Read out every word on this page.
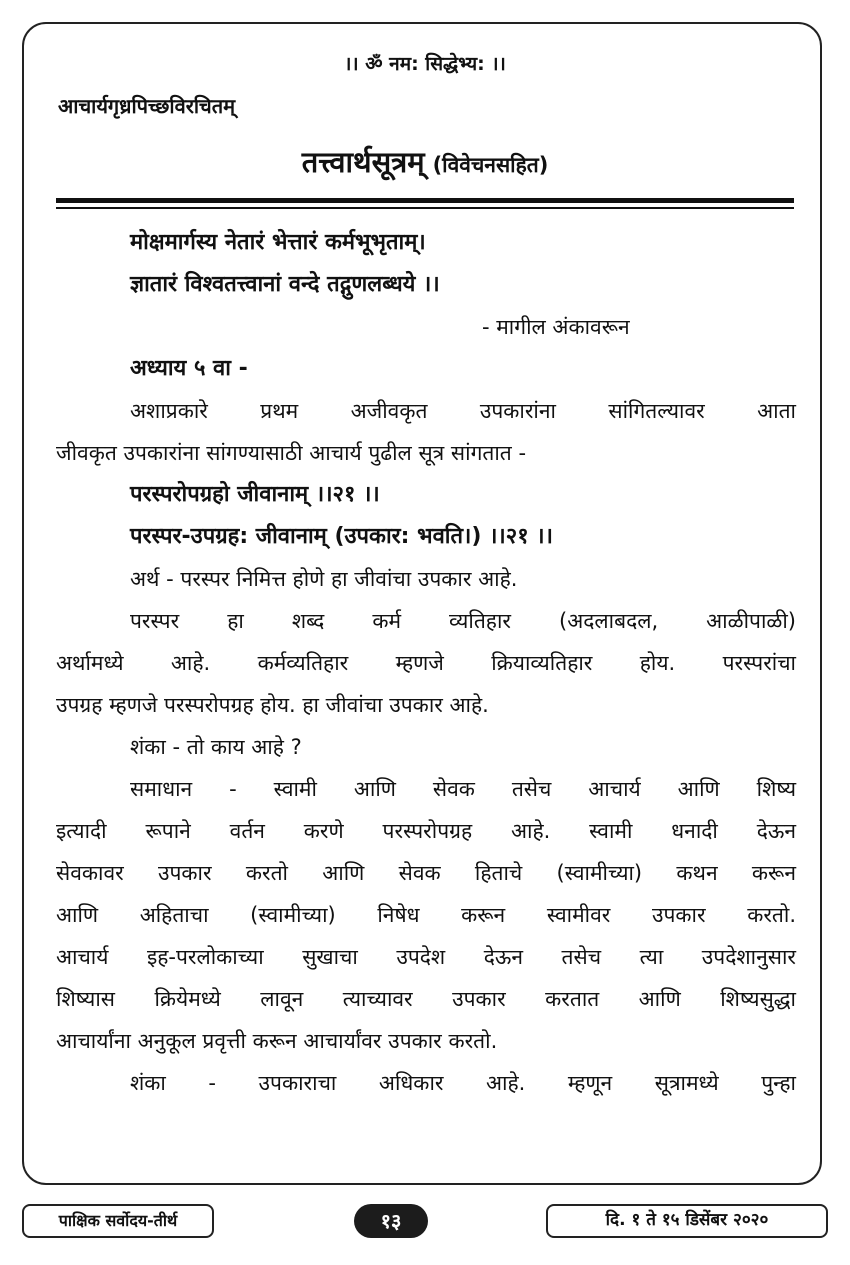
।। ॐ नम: सिद्धेभ्य: ।।
आचार्यगृध्रपिच्छविरचितम्
तत्त्वार्थसूत्रम् (विवेचनसहित)
मोक्षमार्गस्य नेतारं भेत्तारं कर्मभूभृताम्।
ज्ञातारं विश्वतत्त्वानां वन्दे तद्गुणलब्धये ।।
- मागील अंकावरून
अध्याय ५ वा -
अशाप्रकारे प्रथम अजीवकृत उपकारांना सांगितल्यावर आता
जीवकृत उपकारांना सांगण्यासाठी आचार्य पुढील सूत्र सांगतात -
परस्परोपग्रहो जीवानाम् ।।२१ ।।
परस्पर-उपग्रह: जीवानाम् (उपकार: भवति।) ।।२१ ।।
अर्थ - परस्पर निमित्त होणे हा जीवांचा उपकार आहे.
परस्पर हा शब्द कर्म व्यतिहार (अदलाबदल, आळीपाळी)
अर्थामध्ये आहे. कर्मव्यतिहार म्हणजे क्रियाव्यतिहार होय. परस्परांचा
उपग्रह म्हणजे परस्परोपग्रह होय. हा जीवांचा उपकार आहे.
शंका - तो काय आहे ?
समाधान - स्वामी आणि सेवक तसेच आचार्य आणि शिष्य
इत्यादी रूपाने वर्तन करणे परस्परोपग्रह आहे. स्वामी धनादी देऊन
सेवकावर उपकार करतो आणि सेवक हिताचे (स्वामीच्या) कथन करून
आणि अहिताचा (स्वामीच्या) निषेध करून स्वामीवर उपकार करतो.
आचार्य इह-परलोकाच्या सुखाचा उपदेश देऊन तसेच त्या उपदेशानुसार
शिष्यास क्रियेमध्ये लावून त्याच्यावर उपकार करतात आणि शिष्यसुद्धा
आचार्यांना अनुकूल प्रवृत्ती करून आचार्यांवर उपकार करतो.
शंका - उपकाराचा अधिकार आहे. म्हणून सूत्रामध्ये पुन्हा
पाक्षिक सर्वोदय-तीर्थ	१३	दि. १ ते १५ डिसेंबर २०२०
